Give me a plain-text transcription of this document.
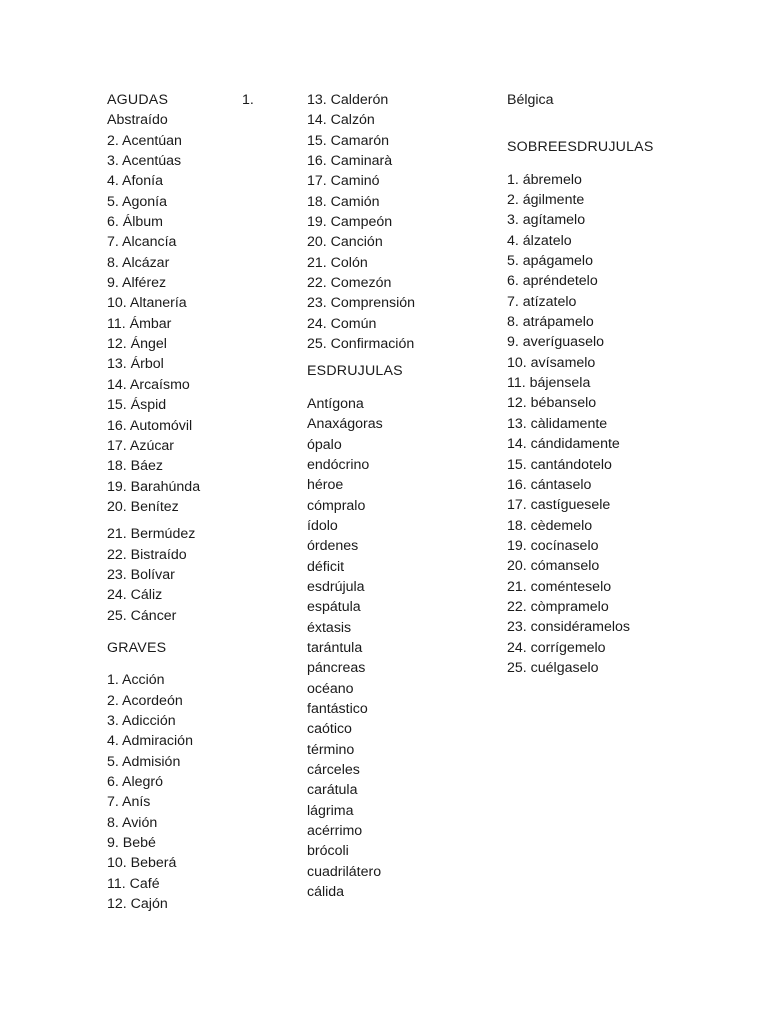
AGUDAS
Abstraído
2. Acentúan
3. Acentúas
4. Afonía
5. Agonía
6. Álbum
7. Alcancía
8. Alcázar
9. Alférez
10. Altanería
11. Ámbar
12. Ángel
13. Árbol
14. Arcaísmo
15. Áspid
16. Automóvil
17. Azúcar
18. Báez
19. Barahúnda
20. Benítez
21. Bermúdez
22. Bistraído
23. Bolívar
24. Cáliz
25. Cáncer
GRAVES
1. Acción
2. Acordeón
3. Adicción
4. Admiración
5. Admisión
6. Alegró
7. Anís
8. Avión
9. Bebé
10. Beberá
11. Café
12. Cajón
1.	13. Calderón
14. Calzón
15. Camarón
16. Caminarà
17. Caminó
18. Camión
19. Campeón
20. Canción
21. Colón
22. Comezón
23. Comprensión
24. Común
25. Confirmación
ESDRUJULAS
Antígona
Anaxágoras
ópalo
endócrino
héroe
cómpralo
ídolo
órdenes
déficit
esdrújula
espátula
éxtasis
tarántula
páncreas
océano
fantástico
caótico
término
cárceles
carátula
lágrima
acérrimo
brócoli
cuadrilátero
cálida
Bélgica
SOBREESDRUJULAS
1. ábremelo
2. ágilmente
3. agítamelo
4. álzatelo
5. apágamelo
6. apréndetelo
7. atízatelo
8. atrápamelo
9. averíguaselo
10. avísamelo
11. bájensela
12. bébanselo
13. càlidamente
14. cándidamente
15. cantándotelo
16. cántaselo
17. castíguesele
18. cèdemelo
19. cocínaselo
20. cómanselo
21. coménteselo
22. còmpramelo
23. considéramelos
24. corrígemelo
25. cuélgaselo
